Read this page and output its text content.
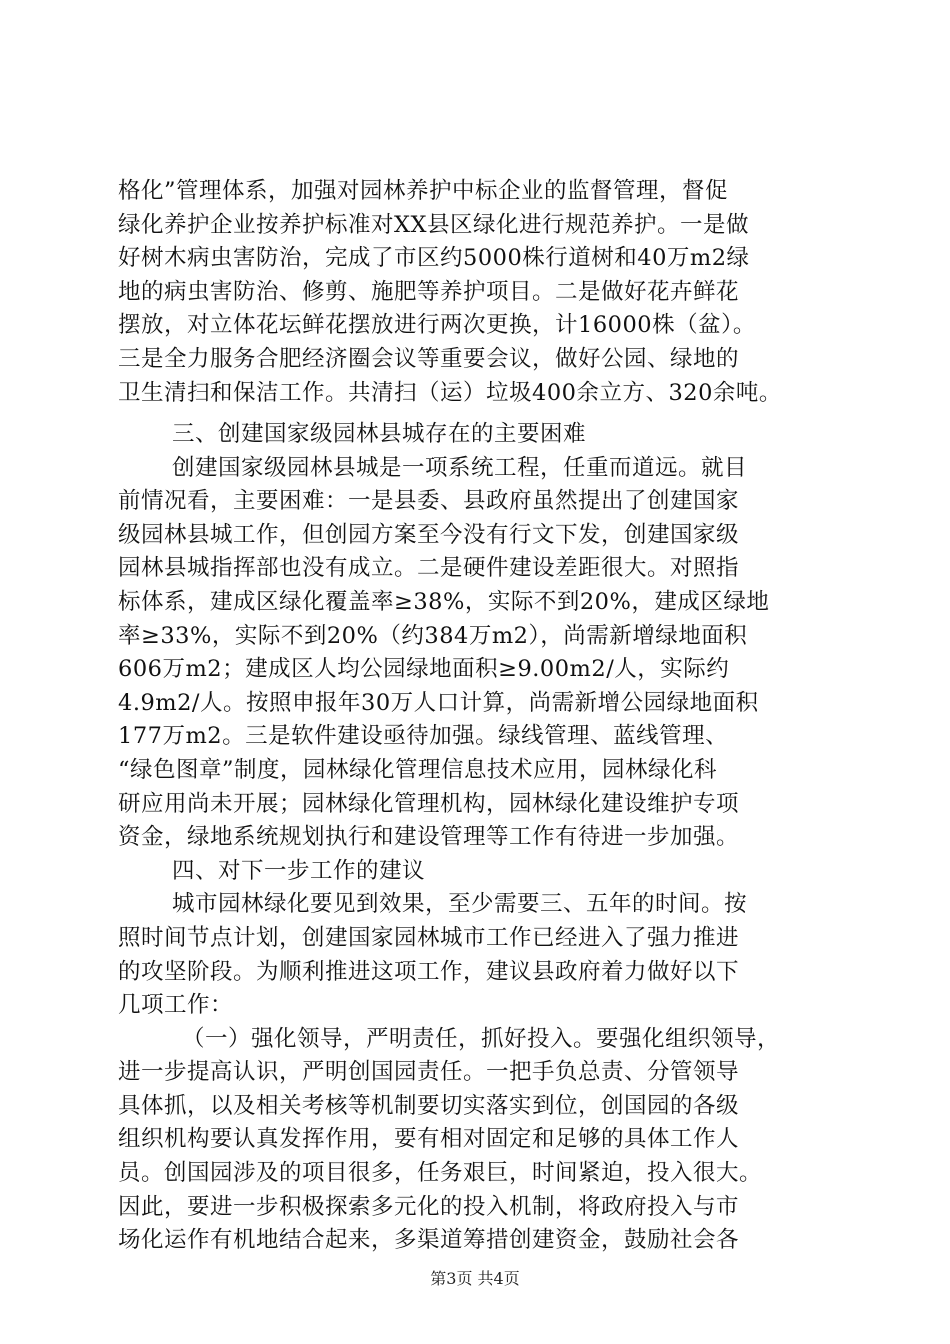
格化”管理体系，加强对园林养护中标企业的监督管理，督促
绿化养护企业按养护标准对XX县区绿化进行规范养护。一是做
好树木病虫害防治，完成了市区约5000株行道树和40万m2绿
地的病虫害防治、修剪、施肥等养护项目。二是做好花卉鲜花
摆放，对立体花坛鲜花摆放进行两次更换，计16000株（盆）。
三是全力服务合肥经济圈会议等重要会议，做好公园、绿地的
卫生清扫和保洁工作。共清扫（运）垃圾400余立方、320余吨。
三、创建国家级园林县城存在的主要困难
创建国家级园林县城是一项系统工程，任重而道远。就目
前情况看，主要困难：一是县委、县政府虽然提出了创建国家
级园林县城工作，但创园方案至今没有行文下发，创建国家级
园林县城指挥部也没有成立。二是硬件建设差距很大。对照指
标体系，建成区绿化覆盖率≥38%，实际不到20%，建成区绿地
率≥33%，实际不到20%（约384万m2），尚需新增绿地面积
606万m2；建成区人均公园绿地面积≥9.00m2/人，实际约
4.9m2/人。按照申报年30万人口计算，尚需新增公园绿地面积
177万m2。三是软件建设亟待加强。绿线管理、蓝线管理、
“绿色图章”制度，园林绿化管理信息技术应用，园林绿化科
研应用尚未开展；园林绿化管理机构，园林绿化建设维护专项
资金，绿地系统规划执行和建设管理等工作有待进一步加强。
四、对下一步工作的建议
城市园林绿化要见到效果，至少需要三、五年的时间。按
照时间节点计划，创建国家园林城市工作已经进入了强力推进
的攻坚阶段。为顺利推进这项工作，建议县政府着力做好以下
几项工作：
（一）强化领导，严明责任，抓好投入。要强化组织领导，
进一步提高认识，严明创国园责任。一把手负总责、分管领导
具体抓，以及相关考核等机制要切实落实到位，创国园的各级
组织机构要认真发挥作用，要有相对固定和足够的具体工作人
员。创国园涉及的项目很多，任务艰巨，时间紧迫，投入很大。
因此，要进一步积极探索多元化的投入机制，将政府投入与市
场化运作有机地结合起来，多渠道筹措创建资金，鼓励社会各
第3页 共4页
